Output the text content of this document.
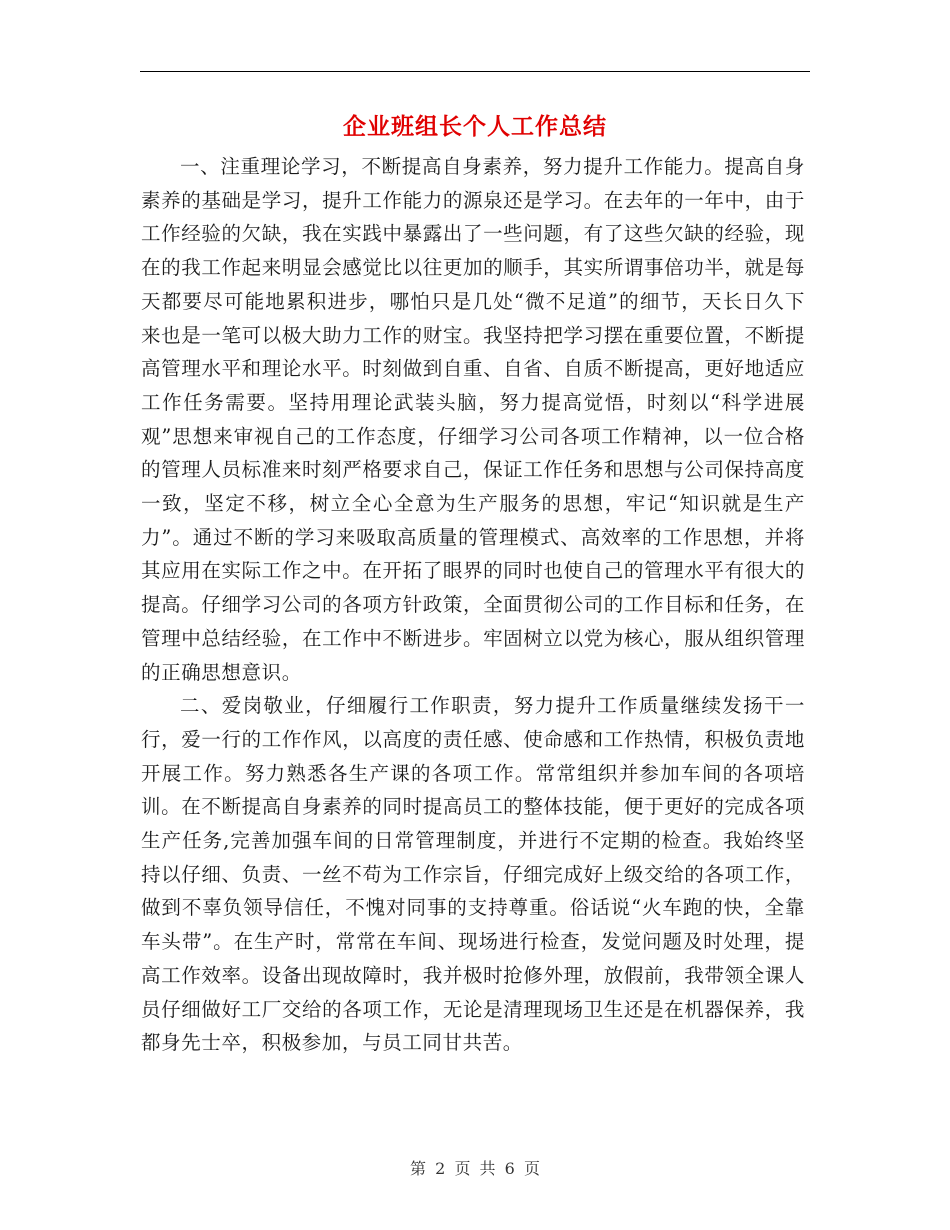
企业班组长个人工作总结

一、注重理论学习，不断提高自身素养，努力提升工作能力。提高自身素养的基础是学习，提升工作能力的源泉还是学习。在去年的一年中，由于工作经验的欠缺，我在实践中暴露出了一些问题，有了这些欠缺的经验，现在的我工作起来明显会感觉比以往更加的顺手，其实所谓事倍功半，就是每天都要尽可能地累积进步，哪怕只是几处“微不足道”的细节，天长日久下来也是一笔可以极大助力工作的财宝。我坚持把学习摆在重要位置，不断提高管理水平和理论水平。时刻做到自重、自省、自质不断提高，更好地适应工作任务需要。坚持用理论武装头脑，努力提高觉悟，时刻以“科学进展观”思想来审视自己的工作态度，仔细学习公司各项工作精神，以一位合格的管理人员标准来时刻严格要求自己，保证工作任务和思想与公司保持高度一致，坚定不移，树立全心全意为生产服务的思想，牢记“知识就是生产力”。通过不断的学习来吸取高质量的管理模式、高效率的工作思想，并将其应用在实际工作之中。在开拓了眼界的同时也使自己的管理水平有很大的提高。仔细学习公司的各项方针政策，全面贯彻公司的工作目标和任务，在管理中总结经验，在工作中不断进步。牢固树立以党为核心，服从组织管理的正确思想意识。

二、爱岗敬业，仔细履行工作职责，努力提升工作质量继续发扬干一行，爱一行的工作作风，以高度的责任感、使命感和工作热情，积极负责地开展工作。努力熟悉各生产课的各项工作。常常组织并参加车间的各项培训。在不断提高自身素养的同时提高员工的整体技能，便于更好的完成各项生产任务,完善加强车间的日常管理制度，并进行不定期的检查。我始终坚持以仔细、负责、一丝不苟为工作宗旨，仔细完成好上级交给的各项工作，做到不辜负领导信任，不愧对同事的支持尊重。俗话说“火车跑的快，全靠车头带”。在生产时，常常在车间、现场进行检查，发觉问题及时处理，提高工作效率。设备出现故障时，我并极时抢修外理，放假前，我带领全课人员仔细做好工厂交给的各项工作，无论是清理现场卫生还是在机器保养，我都身先士卒，积极参加，与员工同甘共苦。

第 2 页 共 6 页
